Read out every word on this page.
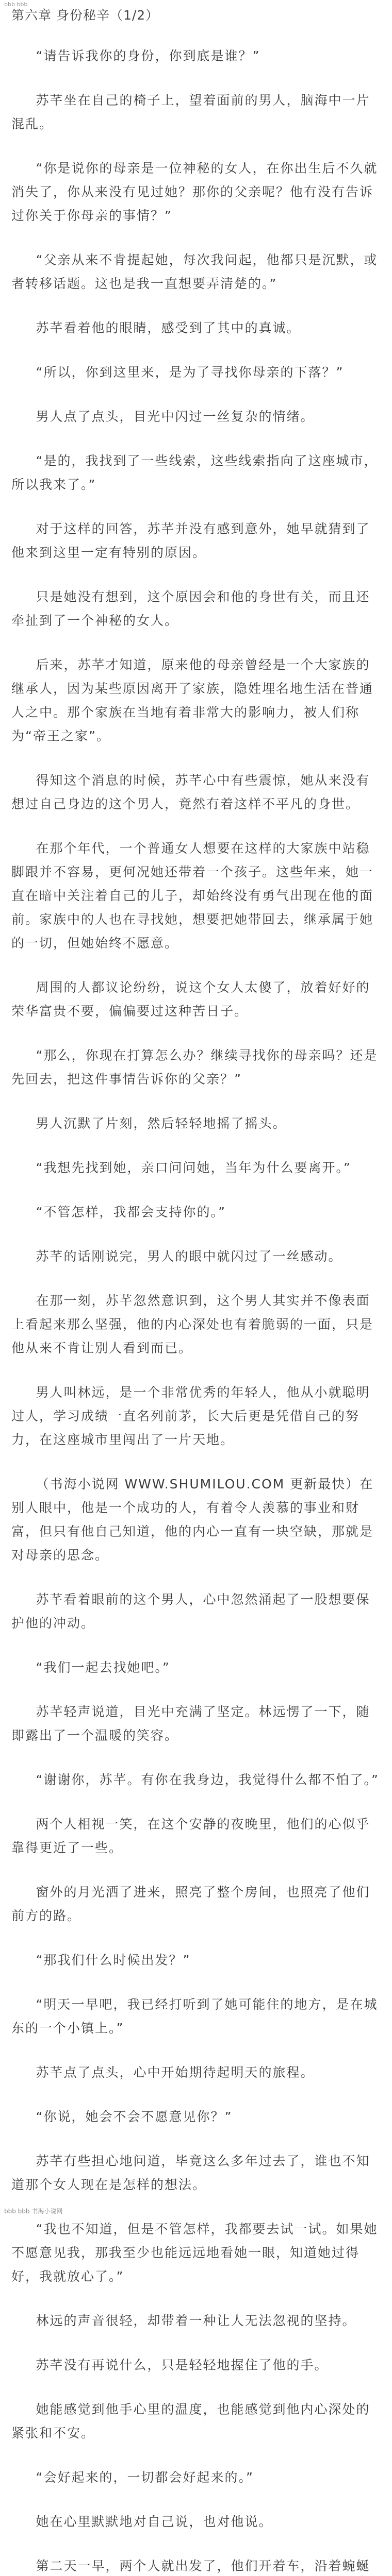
bbb bbb
第六章 身份秘辛（1/2）

“请告诉我你的身份，你到底是谁？”

苏芊坐在自己的椅子上，望着面前的男人，脑海中一片混乱。

“你是说你的母亲是一位神秘的女人，在你出生后不久就消失了，你从来没有见过她？那你的父亲呢？他有没有告诉过你关于你母亲的事情？”

“父亲从来不肯提起她，每次我问起，他都只是沉默，或者转移话题。这也是我一直想要弄清楚的。”

苏芊看着他的眼睛，感受到了其中的真诚。

“所以，你到这里来，是为了寻找你母亲的下落？”

男人点了点头，目光中闪过一丝复杂的情绪。

“是的，我找到了一些线索，这些线索指向了这座城市，所以我来了。”

对于这样的回答，苏芊并没有感到意外，她早就猜到了他来到这里一定有特别的原因。

只是她没有想到，这个原因会和他的身世有关，而且还牵扯到了一个神秘的女人。

后来，苏芊才知道，原来他的母亲曾经是一个大家族的继承人，因为某些原因离开了家族，隐姓埋名地生活在普通人之中。那个家族在当地有着非常大的影响力，被人们称为“帝王之家”。

得知这个消息的时候，苏芊心中有些震惊，她从来没有想过自己身边的这个男人，竟然有着这样不平凡的身世。

在那个年代，一个普通女人想要在这样的大家族中站稳脚跟并不容易，更何况她还带着一个孩子。这些年来，她一直在暗中关注着自己的儿子，却始终没有勇气出现在他的面前。家族中的人也在寻找她，想要把她带回去，继承属于她的一切，但她始终不愿意。

周围的人都议论纷纷，说这个女人太傻了，放着好好的荣华富贵不要，偏偏要过这种苦日子。

“那么，你现在打算怎么办？继续寻找你的母亲吗？还是先回去，把这件事情告诉你的父亲？”

男人沉默了片刻，然后轻轻地摇了摇头。

“我想先找到她，亲口问问她，当年为什么要离开。”

“不管怎样，我都会支持你的。”

苏芊的话刚说完，男人的眼中就闪过了一丝感动。

在那一刻，苏芊忽然意识到，这个男人其实并不像表面上看起来那么坚强，他的内心深处也有着脆弱的一面，只是他从来不肯让别人看到而已。

男人叫林远，是一个非常优秀的年轻人，他从小就聪明过人，学习成绩一直名列前茅，长大后更是凭借自己的努力，在这座城市里闯出了一片天地。

（书海小说网 WWW.SHUMILOU.COM 更新最快）在别人眼中，他是一个成功的人，有着令人羡慕的事业和财富，但只有他自己知道，他的内心一直有一块空缺，那就是对母亲的思念。

苏芊看着眼前的这个男人，心中忽然涌起了一股想要保护他的冲动。

“我们一起去找她吧。”

苏芊轻声说道，目光中充满了坚定。林远愣了一下，随即露出了一个温暖的笑容。

“谢谢你，苏芊。有你在我身边，我觉得什么都不怕了。”

两个人相视一笑，在这个安静的夜晚里，他们的心似乎靠得更近了一些。

窗外的月光洒了进来，照亮了整个房间，也照亮了他们前方的路。

“那我们什么时候出发？”

“明天一早吧，我已经打听到了她可能住的地方，是在城东的一个小镇上。”

苏芊点了点头，心中开始期待起明天的旅程。

“你说，她会不会不愿意见你？”

苏芊有些担心地问道，毕竟这么多年过去了，谁也不知道那个女人现在是怎样的想法。

“我也不知道，但是不管怎样，我都要去试一试。如果她不愿意见我，那我至少也能远远地看她一眼，知道她过得好，我就放心了。”

林远的声音很轻，却带着一种让人无法忽视的坚持。

苏芊没有再说什么，只是轻轻地握住了他的手。

她能感觉到他手心里的温度，也能感觉到他内心深处的紧张和不安。

“会好起来的，一切都会好起来的。”

她在心里默默地对自己说，也对他说。

第二天一早，两个人就出发了，他们开着车，沿着蜿蜒

bbb bbb 书海小说网
